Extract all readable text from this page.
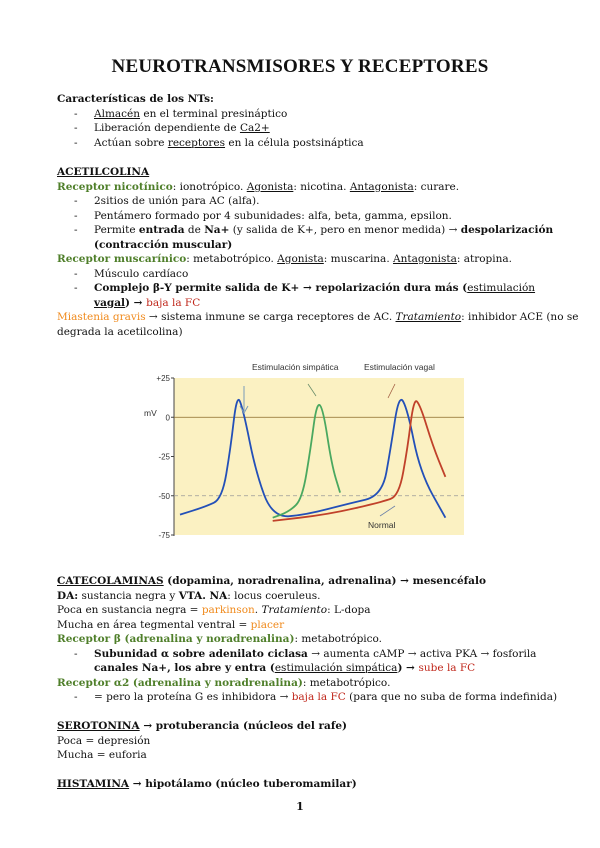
NEUROTRANSMISORES Y RECEPTORES
Características de los NTs:
- Almacén en el terminal presináptico
- Liberación dependiente de Ca2+
- Actúan sobre receptores en la célula postsináptica
ACETILCOLINA
Receptor nicotínico: ionotrópico. Agonista: nicotina. Antagonista: curare.
- 2sitios de unión para AC (alfa).
- Pentámero formado por 4 subunidades: alfa, beta, gamma, epsilon.
- Permite entrada de Na+ (y salida de K+, pero en menor medida) → despolarización
(contracción muscular)
Receptor muscarínico: metabotrópico. Agonista: muscarina. Antagonista: atropina.
- Músculo cardíaco
- Complejo β-Y permite salida de K+ → repolarización dura más (estimulación
vagal) → baja la FC
Miastenia gravis → sistema inmune se carga receptores de AC. Tratamiento: inhibidor ACE (no se
degrada la acetilcolina)
+25
0
-25
-50
-75
Estimulación simpática	Estimulación vagal
Normal
mV
CATECOLAMINAS (dopamina, noradrenalina, adrenalina) → mesencéfalo
DA: sustancia negra y VTA. NA: locus coeruleus.
Poca en sustancia negra = parkinson. Tratamiento: L-dopa
Mucha en área tegmental ventral = placer
Receptor β (adrenalina y noradrenalina): metabotrópico.
- Subunidad α sobre adenilato ciclasa → aumenta cAMP → activa PKA → fosforila
canales Na+, los abre y entra (estimulación simpática) → sube la FC
Receptor α2 (adrenalina y noradrenalina): metabotrópico.
- = pero la proteína G es inhibidora → baja la FC (para que no suba de forma indefinida)
SEROTONINA → protuberancia (núcleos del rafe)
Poca = depresión
Mucha = euforia
HISTAMINA → hipotálamo (núcleo tuberomamilar)
1
